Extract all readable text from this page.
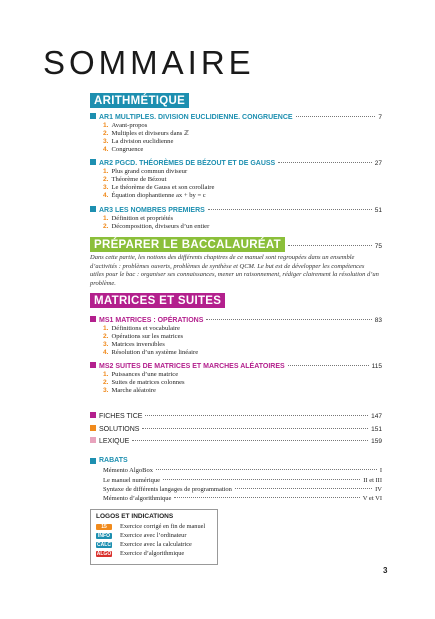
SOMMAIRE
ARITHMÉTIQUE
AR1
MULTIPLES. DIVISION EUCLIDIENNE. CONGRUENCE	7
1. Avant-propos
2. Multiples et diviseurs dans ℤ
3. La division euclidienne
4. Congruence
AR2
PGCD. THÉORÈMES DE BÉZOUT ET DE GAUSS	27
1. Plus grand commun diviseur
2. Théorème de Bézout
3. Le théorème de Gauss et son corollaire
4. Équation diophantienne ax + by = c
AR3
LES NOMBRES PREMIERS	51
1. Définition et propriétés
2. Décomposition, diviseurs d’un entier
PRÉPARER LE BACCALAURÉAT	75
Dans cette partie, les notions des différents chapitres de ce manuel sont regroupées dans un ensemble d’activités : problèmes ouverts, problèmes de synthèse et QCM. Le but est de développer les compétences utiles pour le bac : organiser ses connaissances, mener un raisonnement, rédiger clairement la résolution d’un problème.
MATRICES ET SUITES
MS1
MATRICES : OPÉRATIONS	83
1. Définitions et vocabulaire
2. Opérations sur les matrices
3. Matrices inversibles
4. Résolution d’un système linéaire
MS2
SUITES DE MATRICES ET MARCHES ALÉATOIRES	115
1. Puissances d’une matrice
2. Suites de matrices colonnes
3. Marche aléatoire
FICHES TICE	147
SOLUTIONS	151
LEXIQUE	159
RABATS
Mémento AlgoBox	I
Le manuel numérique	II et III
Syntaxe de différents langages de programmation	IV
Mémento d’algorithmique	V et VI
LOGOS ET INDICATIONS
15	Exercice corrigé en fin de manuel
INFO	Exercice avec l’ordinateur
CALC Exercice avec la calculatrice
ALGO Exercice d’algorithmique
3
